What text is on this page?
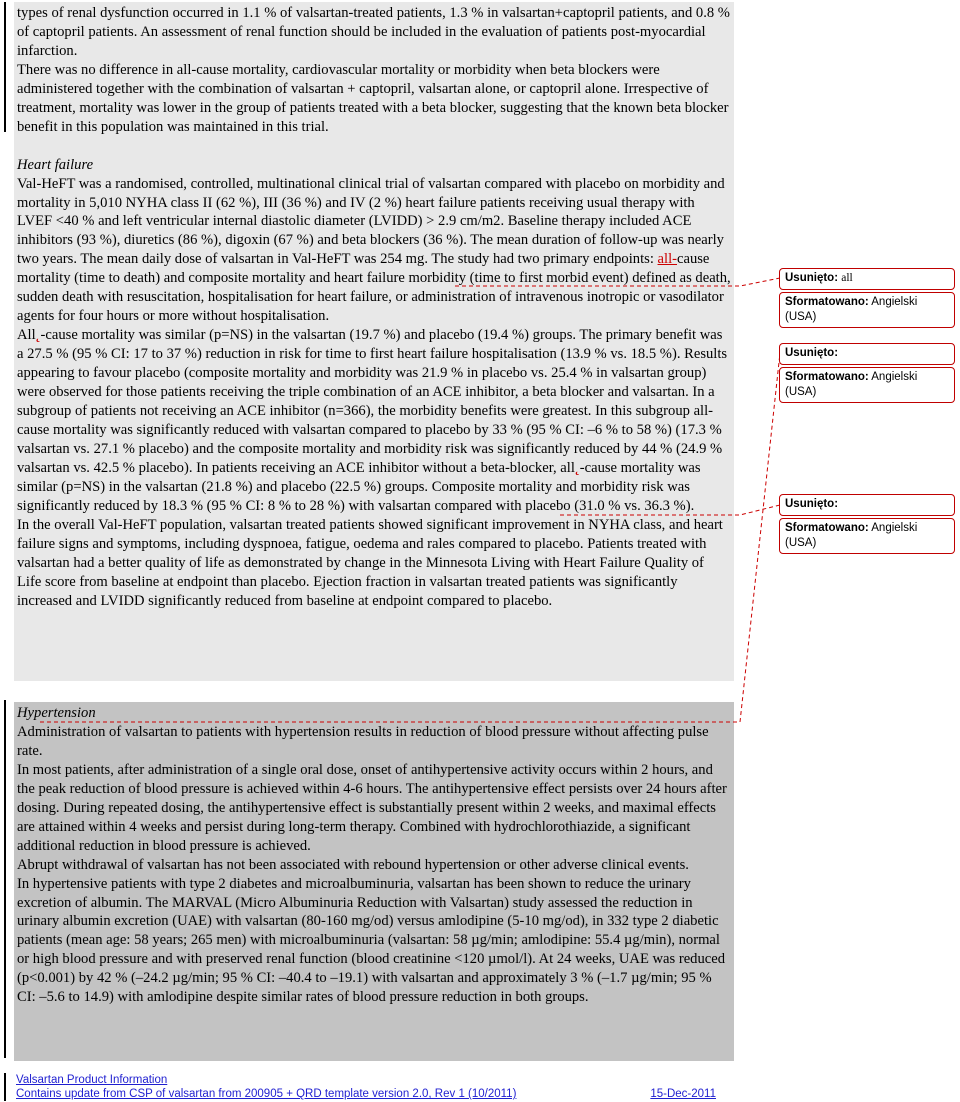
types of renal dysfunction occurred in 1.1 % of valsartan-treated patients, 1.3 % in valsartan+captopril patients, and 0.8 % of captopril patients. An assessment of renal function should be included in the evaluation of patients post-myocardial infarction.

There was no difference in all-cause mortality, cardiovascular mortality or morbidity when beta blockers were administered together with the combination of valsartan + captopril, valsartan alone, or captopril alone. Irrespective of treatment, mortality was lower in the group of patients treated with a beta blocker, suggesting that the known beta blocker benefit in this population was maintained in this trial.

Heart failure

Val-HeFT was a randomised, controlled, multinational clinical trial of valsartan compared with placebo on morbidity and mortality in 5,010 NYHA class II (62 %), III (36 %) and IV (2 %) heart failure patients receiving usual therapy with LVEF <40 % and left ventricular internal diastolic diameter (LVIDD) > 2.9 cm/m2. Baseline therapy included ACE inhibitors (93 %), diuretics (86 %), digoxin (67 %) and beta blockers (36 %). The mean duration of follow-up was nearly two years. The mean daily dose of valsartan in Val-HeFT was 254 mg. The study had two primary endpoints: all-cause mortality (time to death) and composite mortality and heart failure morbidity (time to first morbid event) defined as death, sudden death with resuscitation, hospitalisation for heart failure, or administration of intravenous inotropic or vasodilator agents for four hours or more without hospitalisation.

All˛-cause mortality was similar (p=NS) in the valsartan (19.7 %) and placebo (19.4 %) groups. The primary benefit was a 27.5 % (95 % CI: 17 to 37 %) reduction in risk for time to first heart failure hospitalisation (13.9 % vs. 18.5 %). Results appearing to favour placebo (composite mortality and morbidity was 21.9 % in placebo vs. 25.4 % in valsartan group) were observed for those patients receiving the triple combination of an ACE inhibitor, a beta blocker and valsartan. In a subgroup of patients not receiving an ACE inhibitor (n=366), the morbidity benefits were greatest. In this subgroup all-cause mortality was significantly reduced with valsartan compared to placebo by 33 % (95 % CI: –6 % to 58 %) (17.3 % valsartan vs. 27.1 % placebo) and the composite mortality and morbidity risk was significantly reduced by 44 % (24.9 % valsartan vs. 42.5 % placebo). In patients receiving an ACE inhibitor without a beta-blocker, all˛-cause mortality was similar (p=NS) in the valsartan (21.8 %) and placebo (22.5 %) groups. Composite mortality and morbidity risk was significantly reduced by 18.3 % (95 % CI: 8 % to 28 %) with valsartan compared with placebo (31.0 % vs. 36.3 %).

In the overall Val-HeFT population, valsartan treated patients showed significant improvement in NYHA class, and heart failure signs and symptoms, including dyspnoea, fatigue, oedema and rales compared to placebo. Patients treated with valsartan had a better quality of life as demonstrated by change in the Minnesota Living with Heart Failure Quality of Life score from baseline at endpoint than placebo. Ejection fraction in valsartan treated patients was significantly increased and LVIDD significantly reduced from baseline at endpoint compared to placebo.

Hypertension

Administration of valsartan to patients with hypertension results in reduction of blood pressure without affecting pulse rate.

In most patients, after administration of a single oral dose, onset of antihypertensive activity occurs within 2 hours, and the peak reduction of blood pressure is achieved within 4-6 hours. The antihypertensive effect persists over 24 hours after dosing. During repeated dosing, the antihypertensive effect is substantially present within 2 weeks, and maximal effects are attained within 4 weeks and persist during long-term therapy. Combined with hydrochlorothiazide, a significant additional reduction in blood pressure is achieved.

Abrupt withdrawal of valsartan has not been associated with rebound hypertension or other adverse clinical events.

In hypertensive patients with type 2 diabetes and microalbuminuria, valsartan has been shown to reduce the urinary excretion of albumin. The MARVAL (Micro Albuminuria Reduction with Valsartan) study assessed the reduction in urinary albumin excretion (UAE) with valsartan (80-160 mg/od) versus amlodipine (5-10 mg/od), in 332 type 2 diabetic patients (mean age: 58 years; 265 men) with microalbuminuria (valsartan: 58 µg/min; amlodipine: 55.4 µg/min), normal or high blood pressure and with preserved renal function (blood creatinine <120 µmol/l). At 24 weeks, UAE was reduced (p<0.001) by 42 % (–24.2 µg/min; 95 % CI: –40.4 to –19.1) with valsartan and approximately 3 % (–1.7 µg/min; 95 % CI: –5.6 to 14.9) with amlodipine despite similar rates of blood pressure reduction in both groups.

Usunięto: all
Sformatowano: Angielski (USA)
Usunięto:
Sformatowano: Angielski (USA)
Usunięto:
Sformatowano: Angielski (USA)
Valsartan Product Information
Contains update from CSP of valsartan from 200905 + QRD template version 2.0, Rev 1 (10/2011)	15-Dec-2011
